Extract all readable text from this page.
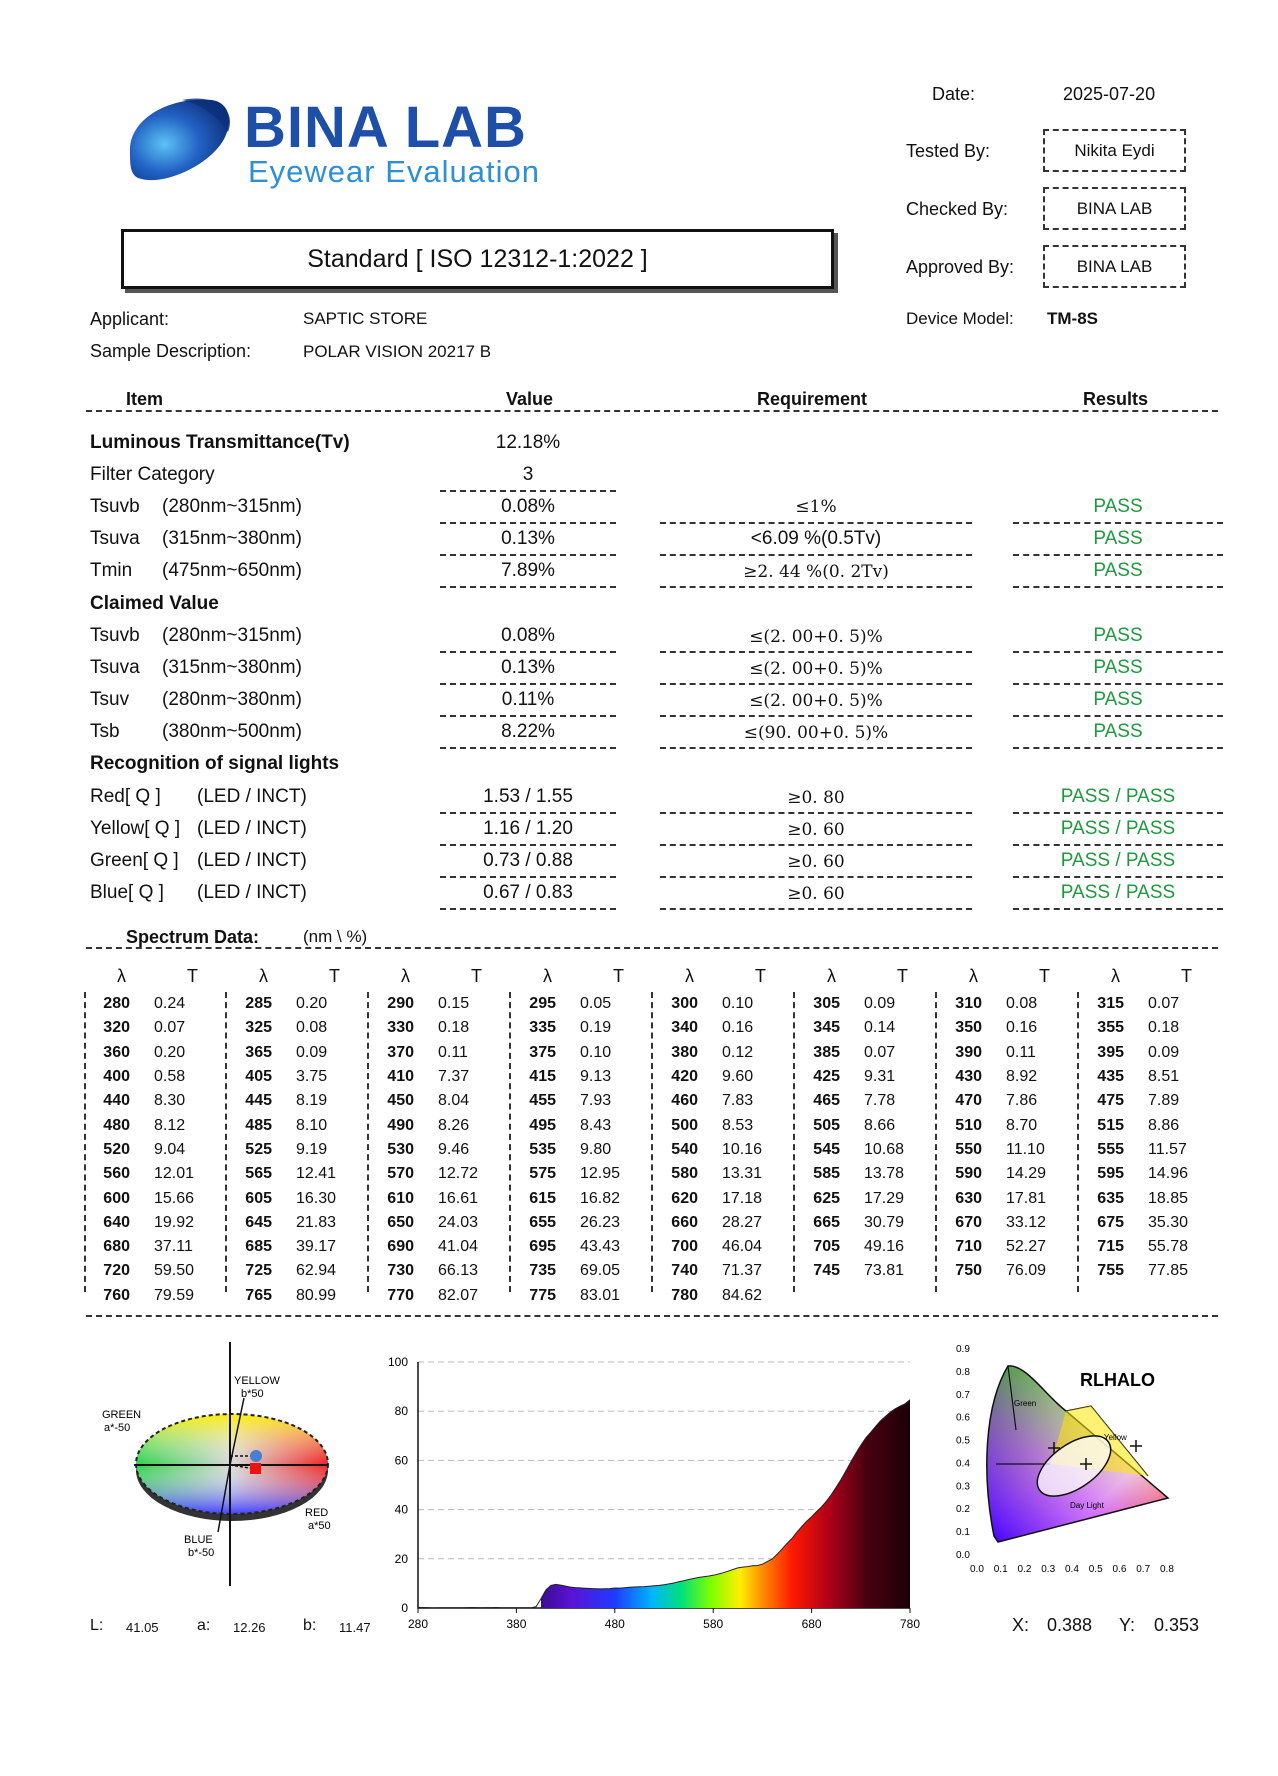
BINA LAB
Eyewear Evaluation
Standard [ ISO 12312-1:2022 ]
Date:	2025-07-20
Tested By:	Nikita Eydi
Checked By:	BINA LAB
Approved By:	BINA LAB
Device Model: TM-8S
Applicant:	SAPTIC STORE
Sample Description:	POLAR VISION 20217 B
Item	Value	Requirement	Results
Luminous Transmittance(Tv)	12.18%
Filter Category	3
Tsuvb (280nm~315nm)	0.08%	≤1%	PASS
Tsuva (315nm~380nm)	0.13%	<6.09 %(0.5Tv)	PASS
Tmin (475nm~650nm)	7.89%	≥2. 44 %(0. 2Tv)	PASS
Claimed Value
Tsuvb (280nm~315nm)	0.08%	≤(2. 00+0. 5)%	PASS
Tsuva (315nm~380nm)	0.13%	≤(2. 00+0. 5)%	PASS
Tsuv (280nm~380nm)	0.11%	≤(2. 00+0. 5)%	PASS
Tsb (380nm~500nm)	8.22%	≤(90. 00+0. 5)%	PASS
Recognition of signal lights
Red[ Q ] (LED / INCT)	1.53 / 1.55	≥0. 80	PASS / PASS
Yellow[ Q ] (LED / INCT)	1.16 / 1.20	≥0. 60	PASS / PASS
Green[ Q ] (LED / INCT)	0.73 / 0.88	≥0. 60	PASS / PASS
Blue[ Q ] (LED / INCT)	0.67 / 0.83	≥0. 60	PASS / PASS
Spectrum Data:	(nm \ %)
λ	T
280	0.24
320	0.07
360	0.20
400	0.58
440	8.30
480	8.12
520	9.04
560	12.01
600	15.66
640	19.92
680	37.11
720	59.50
760	79.59
λ	T
285	0.20
325	0.08
365	0.09
405	3.75
445	8.19
485	8.10
525	9.19
565	12.41
605	16.30
645	21.83
685	39.17
725	62.94
765	80.99
λ	T
290	0.15
330	0.18
370	0.11
410	7.37
450	8.04
490	8.26
530	9.46
570	12.72
610	16.61
650	24.03
690	41.04
730	66.13
770	82.07
λ	T
295	0.05
335	0.19
375	0.10
415	9.13
455	7.93
495	8.43
535	9.80
575	12.95
615	16.82
655	26.23
695	43.43
735	69.05
775	83.01
λ	T
300	0.10
340	0.16
380	0.12
420	9.60
460	7.83
500	8.53
540	10.16
580	13.31
620	17.18
660	28.27
700	46.04
740	71.37
780	84.62
λ	T
305	0.09
345	0.14
385	0.07
425	9.31
465	7.78
505	8.66
545	10.68
585	13.78
625	17.29
665	30.79
705	49.16
745	73.81
λ	T
310	0.08
350	0.16
390	0.11
430	8.92
470	7.86
510	8.70
550	11.10
590	14.29
630	17.81
670	33.12
710	52.27
750	76.09
λ	T
315	0.07
355	0.18
395	0.09
435	8.51
475	7.89
515	8.86
555	11.57
595	14.96
635	18.85
675	35.30
715	55.78
755	77.85
YELLOW
b*50
GREEN
a*-50
RED
a*50
BLUE
b*-50
L: 41.05 a: 12.26 b: 11.47
0
20
40
60
80
100
280	380	480	580	680	780
0.0
0.1
0.2
0.3
0.4
0.5
0.6
0.7
0.8
0.9
0.0 0.1 0.2 0.3 0.4 0.5 0.6 0.7 0.8
Green
Yellow
Day Light
RLHALO
X: 0.388 Y: 0.353
